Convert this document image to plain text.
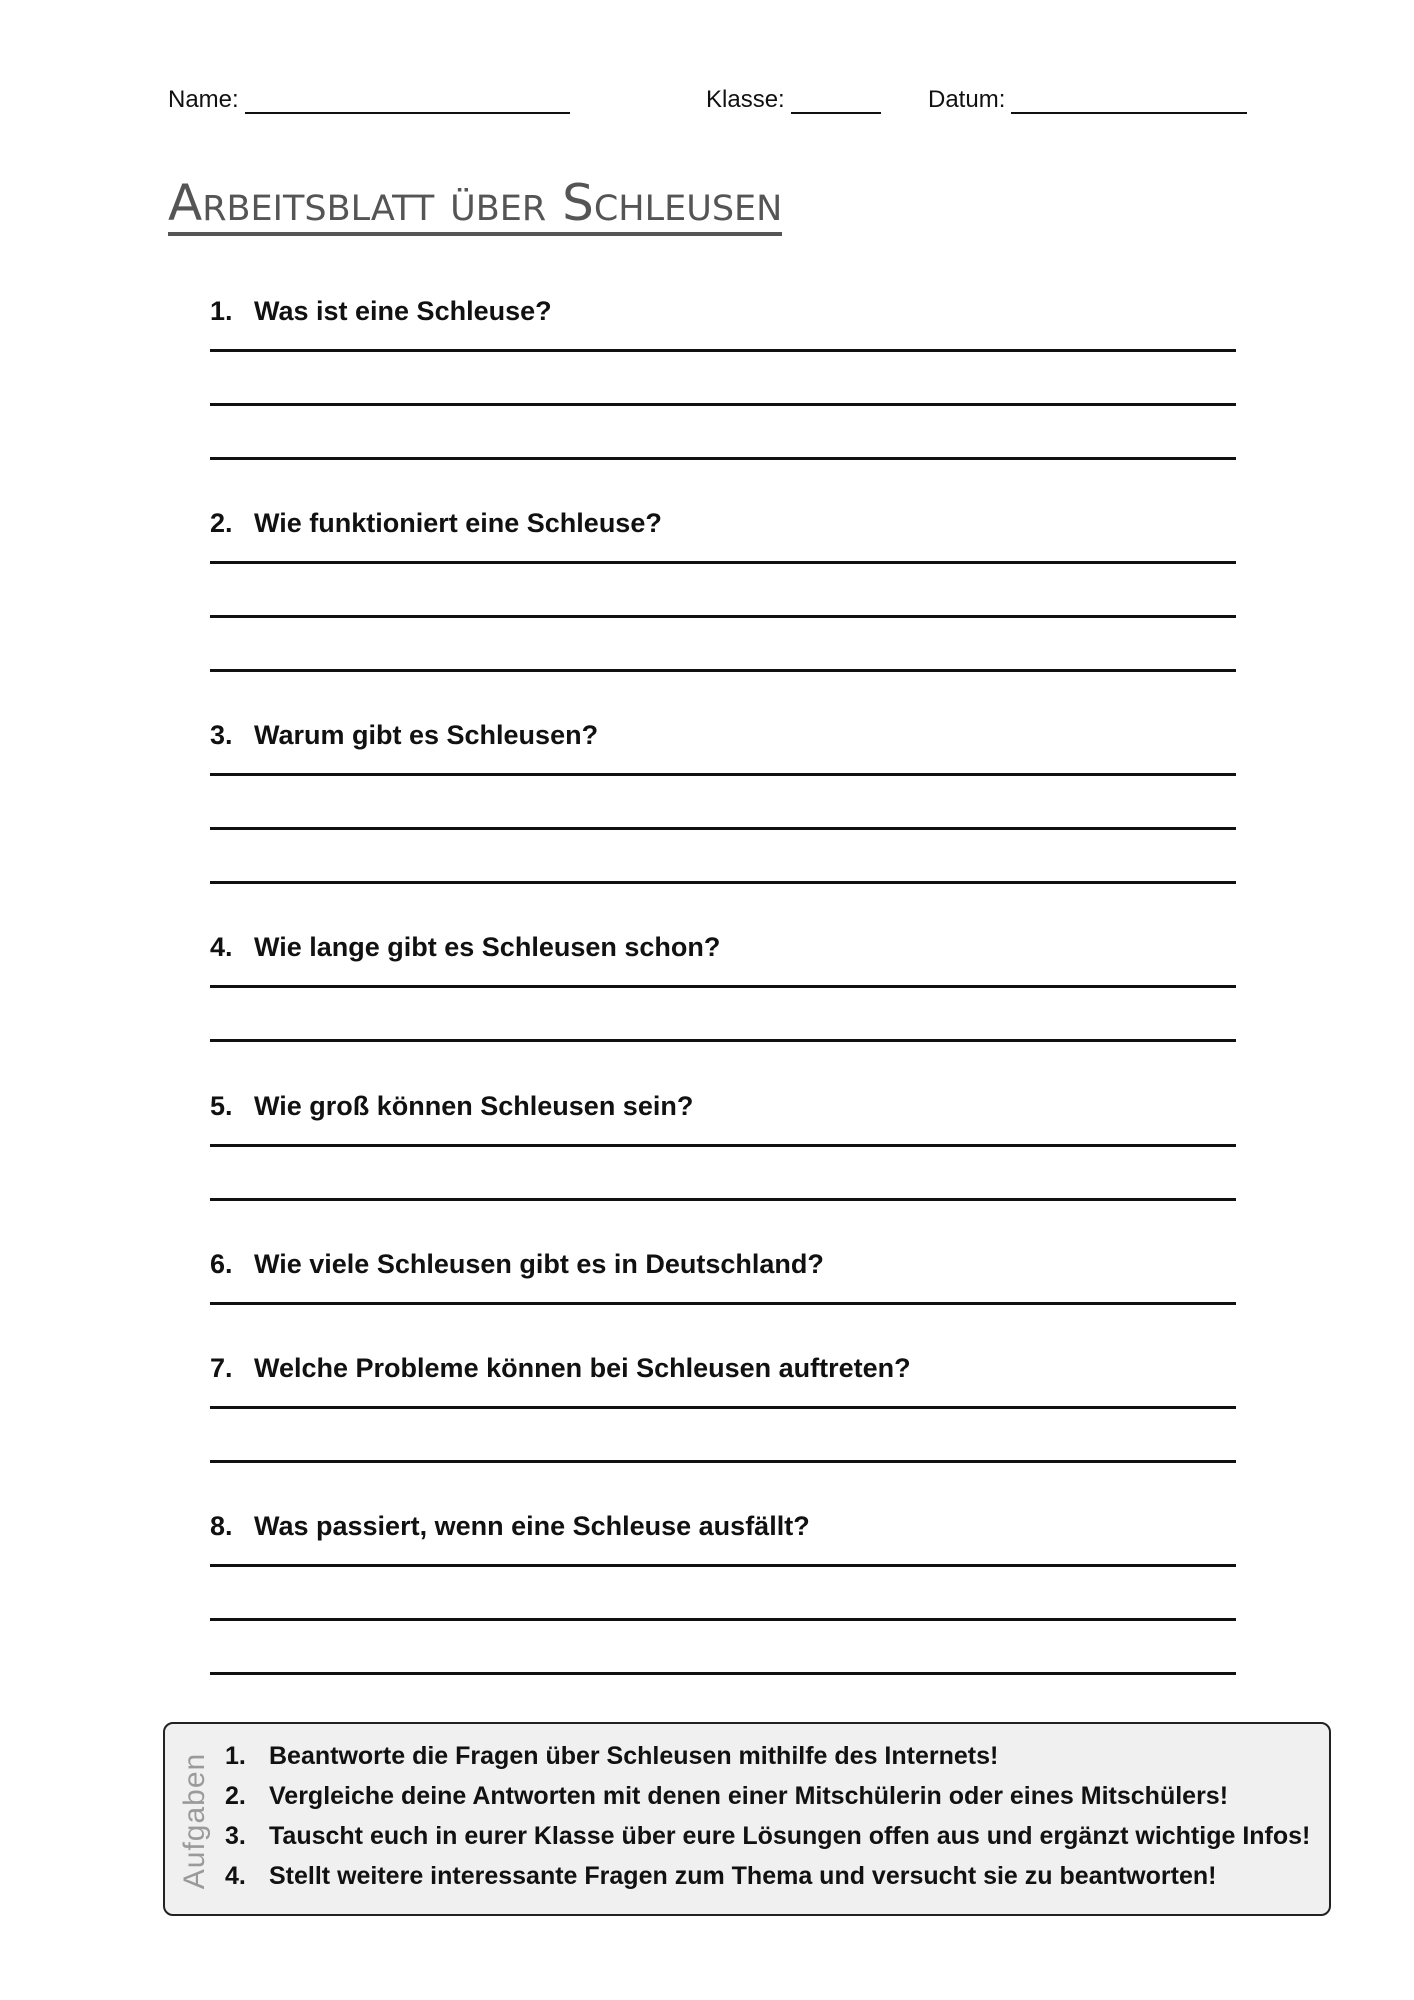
Name:	Klasse:	Datum:
Arbeitsblatt über Schleusen
1. Was ist eine Schleuse?
2. Wie funktioniert eine Schleuse?
3. Warum gibt es Schleusen?
4. Wie lange gibt es Schleusen schon?
5. Wie groß können Schleusen sein?
6. Wie viele Schleusen gibt es in Deutschland?
7. Welche Probleme können bei Schleusen auftreten?
8. Was passiert, wenn eine Schleuse ausfällt?
Aufgaben 1. Beantworte die Fragen über Schleusen mithilfe des Internets!
2. Vergleiche deine Antworten mit denen einer Mitschülerin oder eines Mitschülers!
3. Tauscht euch in eurer Klasse über eure Lösungen offen aus und ergänzt wichtige Infos!
4. Stellt weitere interessante Fragen zum Thema und versucht sie zu beantworten!
